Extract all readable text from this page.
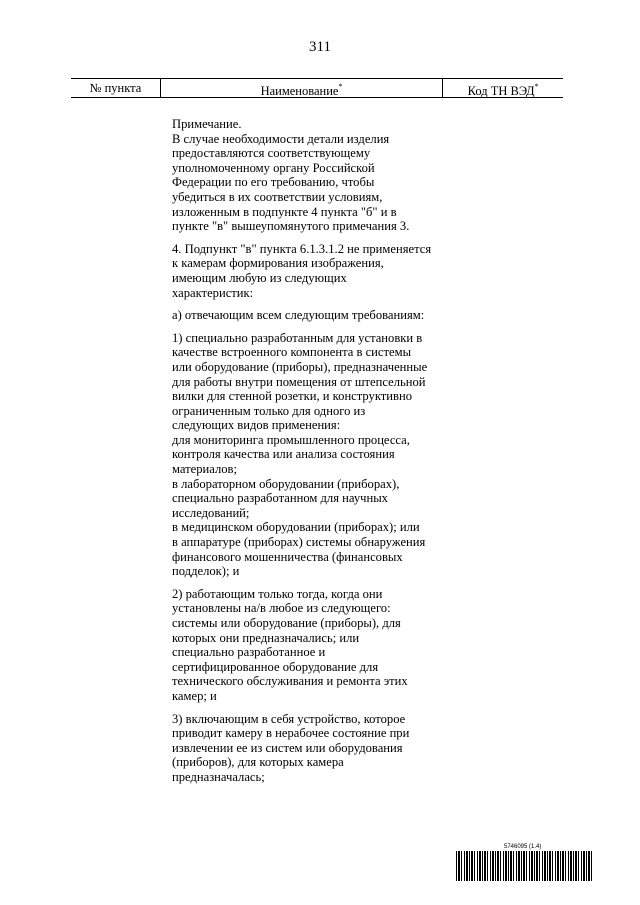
311
№ пункта	Наименование*	Код ТН ВЭД*
Примечание.
В случае необходимости детали изделия
предоставляются соответствующему
уполномоченному органу Российской
Федерации по его требованию, чтобы
убедиться в их соответствии условиям,
изложенным в подпункте 4 пункта "б" и в
пункте "в" вышеупомянутого примечания 3.
4. Подпункт "в" пункта 6.1.3.1.2 не применяется
к камерам формирования изображения,
имеющим любую из следующих
характеристик:
а) отвечающим всем следующим требованиям:
1) специально разработанным для установки в
качестве встроенного компонента в системы
или оборудование (приборы), предназначенные
для работы внутри помещения от штепсельной
вилки для стенной розетки, и конструктивно
ограниченным только для одного из
следующих видов применения:
для мониторинга промышленного процесса,
контроля качества или анализа состояния
материалов;
в лабораторном оборудовании (приборах),
специально разработанном для научных
исследований;
в медицинском оборудовании (приборах); или
в аппаратуре (приборах) системы обнаружения
финансового мошенничества (финансовых
подделок); и
2) работающим только тогда, когда они
установлены на/в любое из следующего:
системы или оборудование (приборы), для
которых они предназначались; или
специально разработанное и
сертифицированное оборудование для
технического обслуживания и ремонта этих
камер; и
3) включающим в себя устройство, которое
приводит камеру в нерабочее состояние при
извлечении ее из систем или оборудования
(приборов), для которых камера
предназначалась;
5746095 (1.4)
